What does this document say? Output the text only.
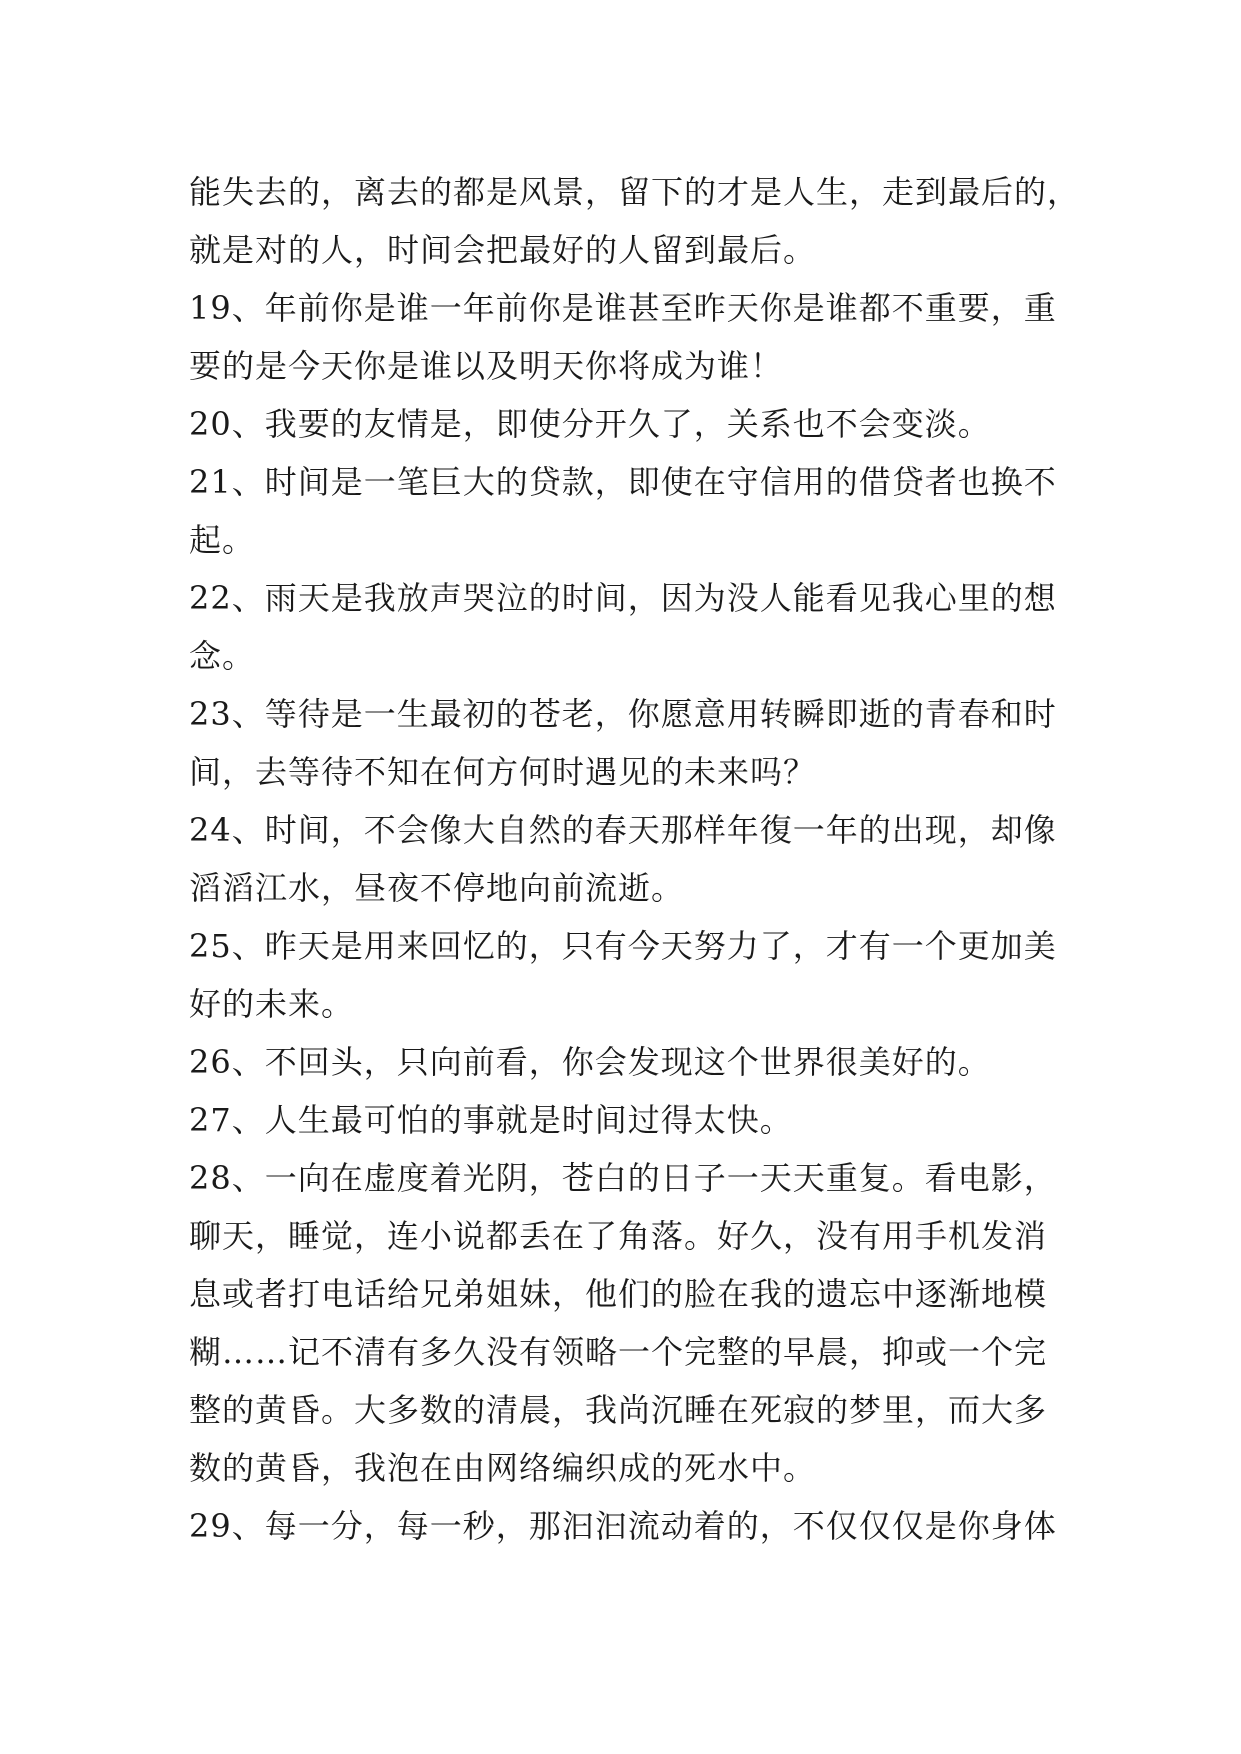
能失去的，离去的都是风景，留下的才是人生，走到最后的，
就是对的人，时间会把最好的人留到最后。
19、年前你是谁一年前你是谁甚至昨天你是谁都不重要，重
要的是今天你是谁以及明天你将成为谁！
20、我要的友情是，即使分开久了，关系也不会变淡。
21、时间是一笔巨大的贷款，即使在守信用的借贷者也换不
起。
22、雨天是我放声哭泣的时间，因为没人能看见我心里的想
念。
23、等待是一生最初的苍老，你愿意用转瞬即逝的青春和时
间，去等待不知在何方何时遇见的未来吗？
24、时间，不会像大自然的春天那样年復一年的出现，却像
滔滔江水，昼夜不停地向前流逝。
25、昨天是用来回忆的，只有今天努力了，才有一个更加美
好的未来。
26、不回头，只向前看，你会发现这个世界很美好的。
27、人生最可怕的事就是时间过得太快。
28、一向在虚度着光阴，苍白的日子一天天重复。看电影，
聊天，睡觉，连小说都丢在了角落。好久，没有用手机发消
息或者打电话给兄弟姐妹，他们的脸在我的遗忘中逐渐地模
糊……记不清有多久没有领略一个完整的早晨，抑或一个完
整的黄昏。大多数的清晨，我尚沉睡在死寂的梦里，而大多
数的黄昏，我泡在由网络编织成的死水中。
29、每一分，每一秒，那汩汩流动着的，不仅仅仅是你身体
